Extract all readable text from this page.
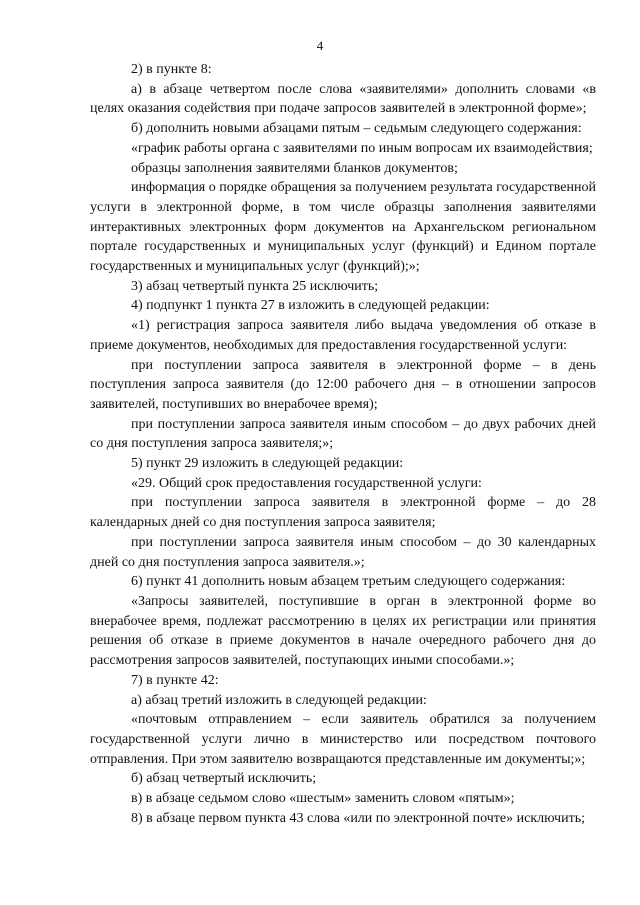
4

2) в пункте 8:

а) в абзаце четвертом после слова «заявителями» дополнить словами «в целях оказания содействия при подаче запросов заявителей в электронной форме»;

б) дополнить новыми абзацами пятым – седьмым следующего содержания:

«график работы органа с заявителями по иным вопросам их взаимодействия;

образцы заполнения заявителями бланков документов;

информация о порядке обращения за получением результата государственной услуги в электронной форме, в том числе образцы заполнения заявителями интерактивных электронных форм документов на Архангельском региональном портале государственных и муниципальных услуг (функций) и Едином портале государственных и муниципальных услуг (функций);»;

3) абзац четвертый пункта 25 исключить;

4) подпункт 1 пункта 27 в изложить в следующей редакции:

«1) регистрация запроса заявителя либо выдача уведомления об отказе в приеме документов, необходимых для предоставления государственной услуги:

при поступлении запроса заявителя в электронной форме – в день поступления запроса заявителя (до 12:00 рабочего дня – в отношении запросов заявителей, поступивших во внерабочее время);

при поступлении запроса заявителя иным способом – до двух рабочих дней со дня поступления запроса заявителя;»;

5) пункт 29 изложить в следующей редакции:

«29. Общий срок предоставления государственной услуги:

при поступлении запроса заявителя в электронной форме – до 28 календарных дней со дня поступления запроса заявителя;

при поступлении запроса заявителя иным способом – до 30 календарных дней со дня поступления запроса заявителя.»;

6) пункт 41 дополнить новым абзацем третьим следующего содержания:

«Запросы заявителей, поступившие в орган в электронной форме во внерабочее время, подлежат рассмотрению в целях их регистрации или принятия решения об отказе в приеме документов в начале очередного рабочего дня до рассмотрения запросов заявителей, поступающих иными способами.»;

7) в пункте 42:

а) абзац третий изложить в следующей редакции:

«почтовым отправлением – если заявитель обратился за получением государственной услуги лично в министерство или посредством почтового отправления. При этом заявителю возвращаются представленные им документы;»;

б) абзац четвертый исключить;

в) в абзаце седьмом слово «шестым» заменить словом «пятым»;

8) в абзаце первом пункта 43 слова «или по электронной почте» исключить;
